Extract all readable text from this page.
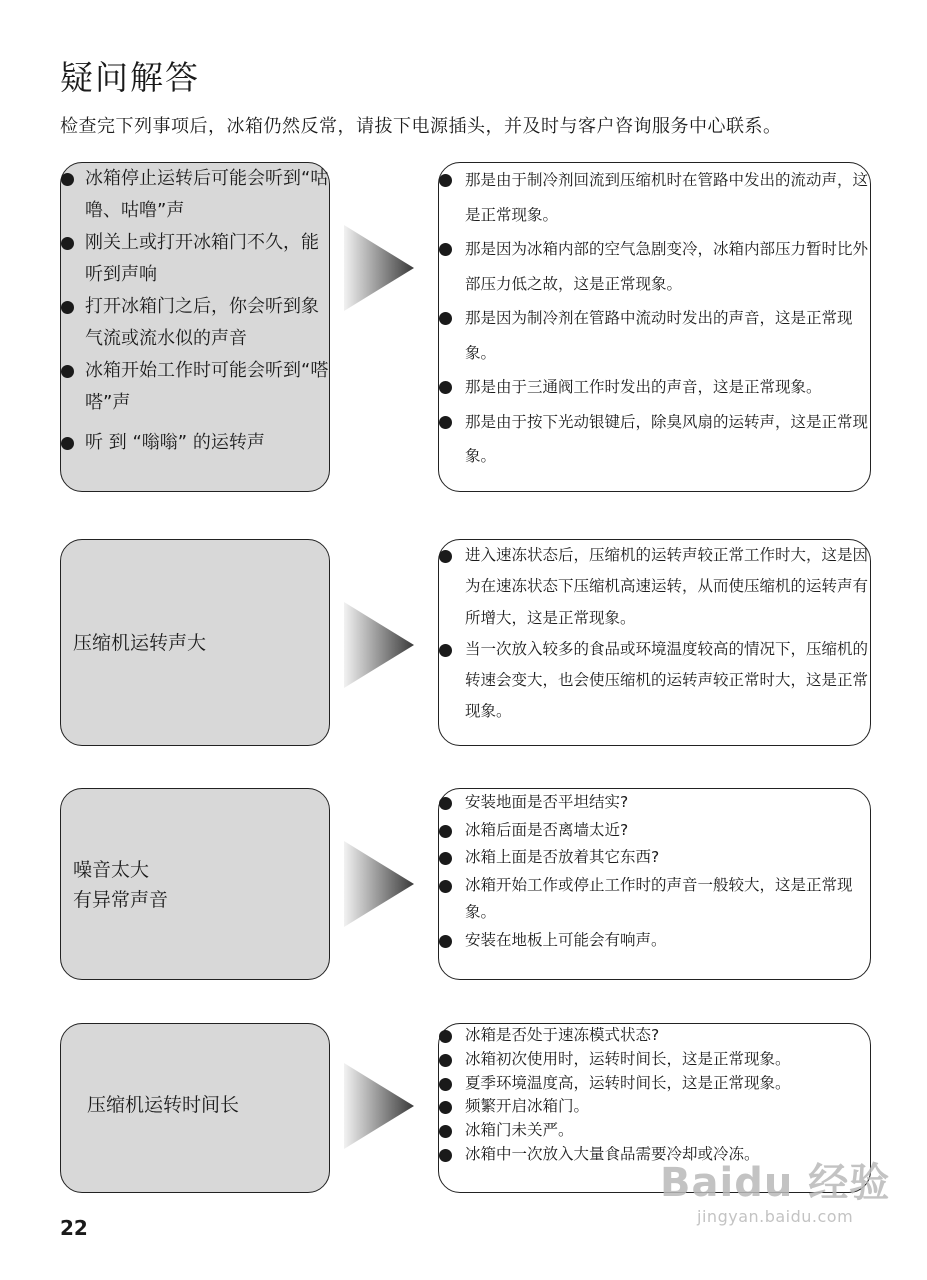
疑问解答
检查完下列事项后，冰箱仍然反常，请拔下电源插头，并及时与客户咨询服务中心联系。
冰箱停止运转后可能会听到“咕噜、咕噜”声
刚关上或打开冰箱门不久，能听到声响
打开冰箱门之后，你会听到象气流或流水似的声音
冰箱开始工作时可能会听到“嗒嗒”声
听 到 “嗡嗡” 的运转声
那是由于制冷剂回流到压缩机时在管路中发出的流动声，这是正常现象。
那是因为冰箱内部的空气急剧变冷，冰箱内部压力暂时比外部压力低之故，这是正常现象。
那是因为制冷剂在管路中流动时发出的声音，这是正常现象。
那是由于三通阀工作时发出的声音，这是正常现象。
那是由于按下光动银键后，除臭风扇的运转声，这是正常现象。
压缩机运转声大
进入速冻状态后，压缩机的运转声较正常工作时大，这是因为在速冻状态下压缩机高速运转，从而使压缩机的运转声有所增大，这是正常现象。
当一次放入较多的食品或环境温度较高的情况下，压缩机的转速会变大，也会使压缩机的运转声较正常时大，这是正常现象。
噪音太大
有异常声音
安装地面是否平坦结实?
冰箱后面是否离墙太近?
冰箱上面是否放着其它东西?
冰箱开始工作或停止工作时的声音一般较大，这是正常现象。
安装在地板上可能会有响声。
压缩机运转时间长
冰箱是否处于速冻模式状态?
冰箱初次使用时，运转时间长，这是正常现象。
夏季环境温度高，运转时间长，这是正常现象。
频繁开启冰箱门。
冰箱门未关严。
冰箱中一次放入大量食品需要冷却或冷冻。
22
Baidu 经验
jingyan.baidu.com
